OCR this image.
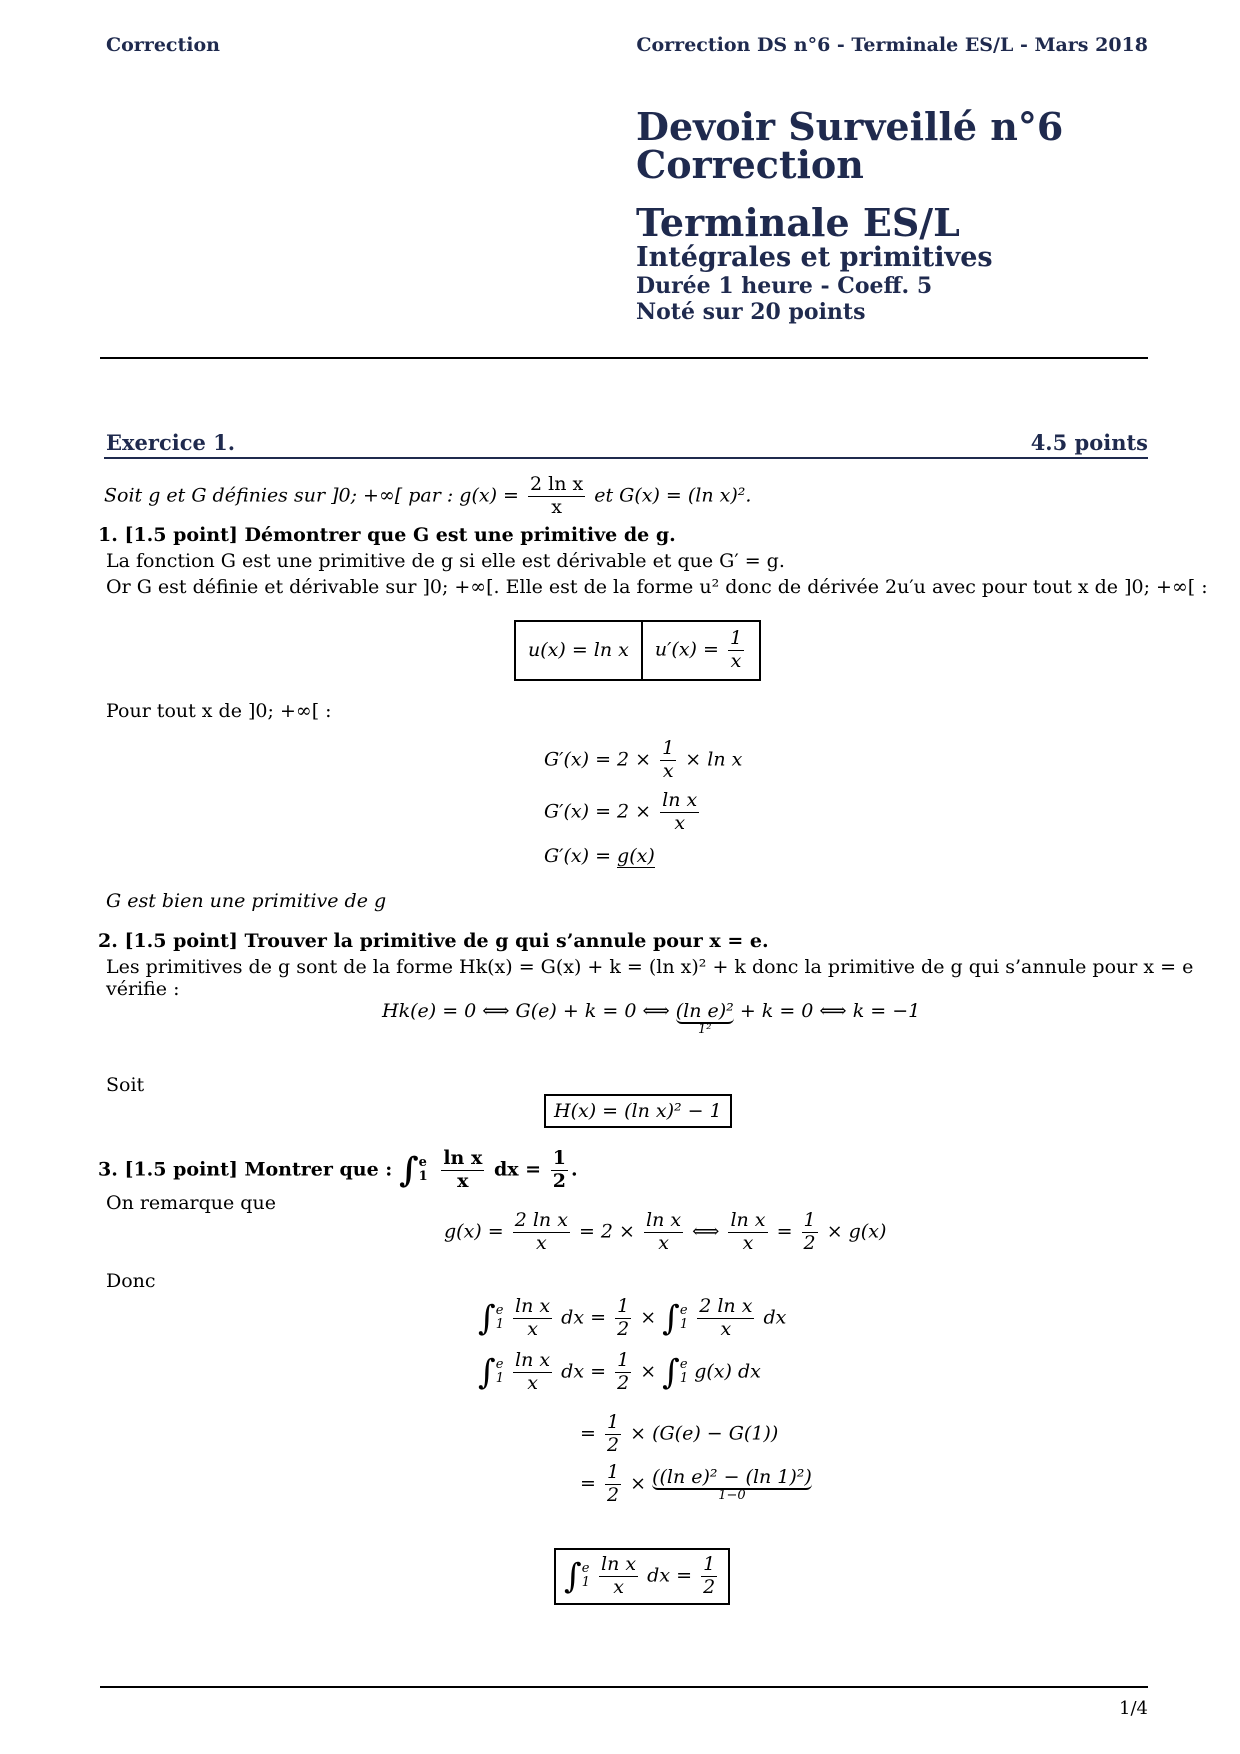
Correction	Correction DS n°6 - Terminale ES/L - Mars 2018
Devoir Surveillé n°6
Correction
Terminale ES/L
Intégrales et primitives
Durée 1 heure - Coeff. 5
Noté sur 20 points
Exercice 1.	4.5 points
Soit g et G définies sur ]0; +∞[ par : $g(x) = \frac{\text{2 ln x}}{x}$ et G(x) = (ln x)².
1. [1.5 point] Démontrer que G est une primitive de g.
La fonction G est une primitive de g si elle est dérivable et que G′ = g.
Or G est définie et dérivable sur ]0; +∞[. Elle est de la forme u² donc de dérivée 2u′u avec pour tout x de ]0; +∞[ :
u(x) = ln x	$u'(x) = \frac{1}{x}$
Pour tout x de ]0; +∞[ :
$G'(x) = 2 \times \frac{1}{x} \times \ln x$
$G'(x) = 2 \times \frac{\text{ln x}}{x}$
G′(x) = g(x)
G est bien une primitive de g
2. [1.5 point] Trouver la primitive de g qui s’annule pour x = e.
Les primitives de g sont de la forme Hk(x) = G(x) + k = (ln x)² + k donc la primitive de g qui s’annule pour x = e vérifie :
Hk(e) = 0 ⟺ G(e) + k = 0 ⟺ (ln e)²
1²
+ k = 0 ⟺ k = −1
Soit
H(x) = (ln x)² − 1
3. [1.5 point] Montrer que : ∫ e
1
$\frac{\text{ln x}}{x}$ dx = $\frac{1}{2}$ .
On remarque que
$g(x) = \frac{\text{2 ln x}}{x} = 2 \times \frac{\text{ln x}}{x}$ ⟺ $\frac{\text{ln x}}{x} = \frac{1}{2} \times g(x)$
Donc
∫ e
1
$\frac{\text{ln x}}{x}$ dx = $\frac{1}{2}$ × ∫ e
1
$\frac{\text{2 ln x}}{x}$ dx
∫ e
1
$\frac{\text{ln x}}{x}$ dx = $\frac{1}{2}$ × ∫ e
1 g(x) dx
= $\frac{1}{2} \times (G(e) - G(1))$
= $\frac{1}{2} \times ((\ln$ e)² − (ln 1)²)
1−0
∫ e
1
$\frac{\text{ln x}}{x}$ dx = $\frac{1}{2}$
1/4
